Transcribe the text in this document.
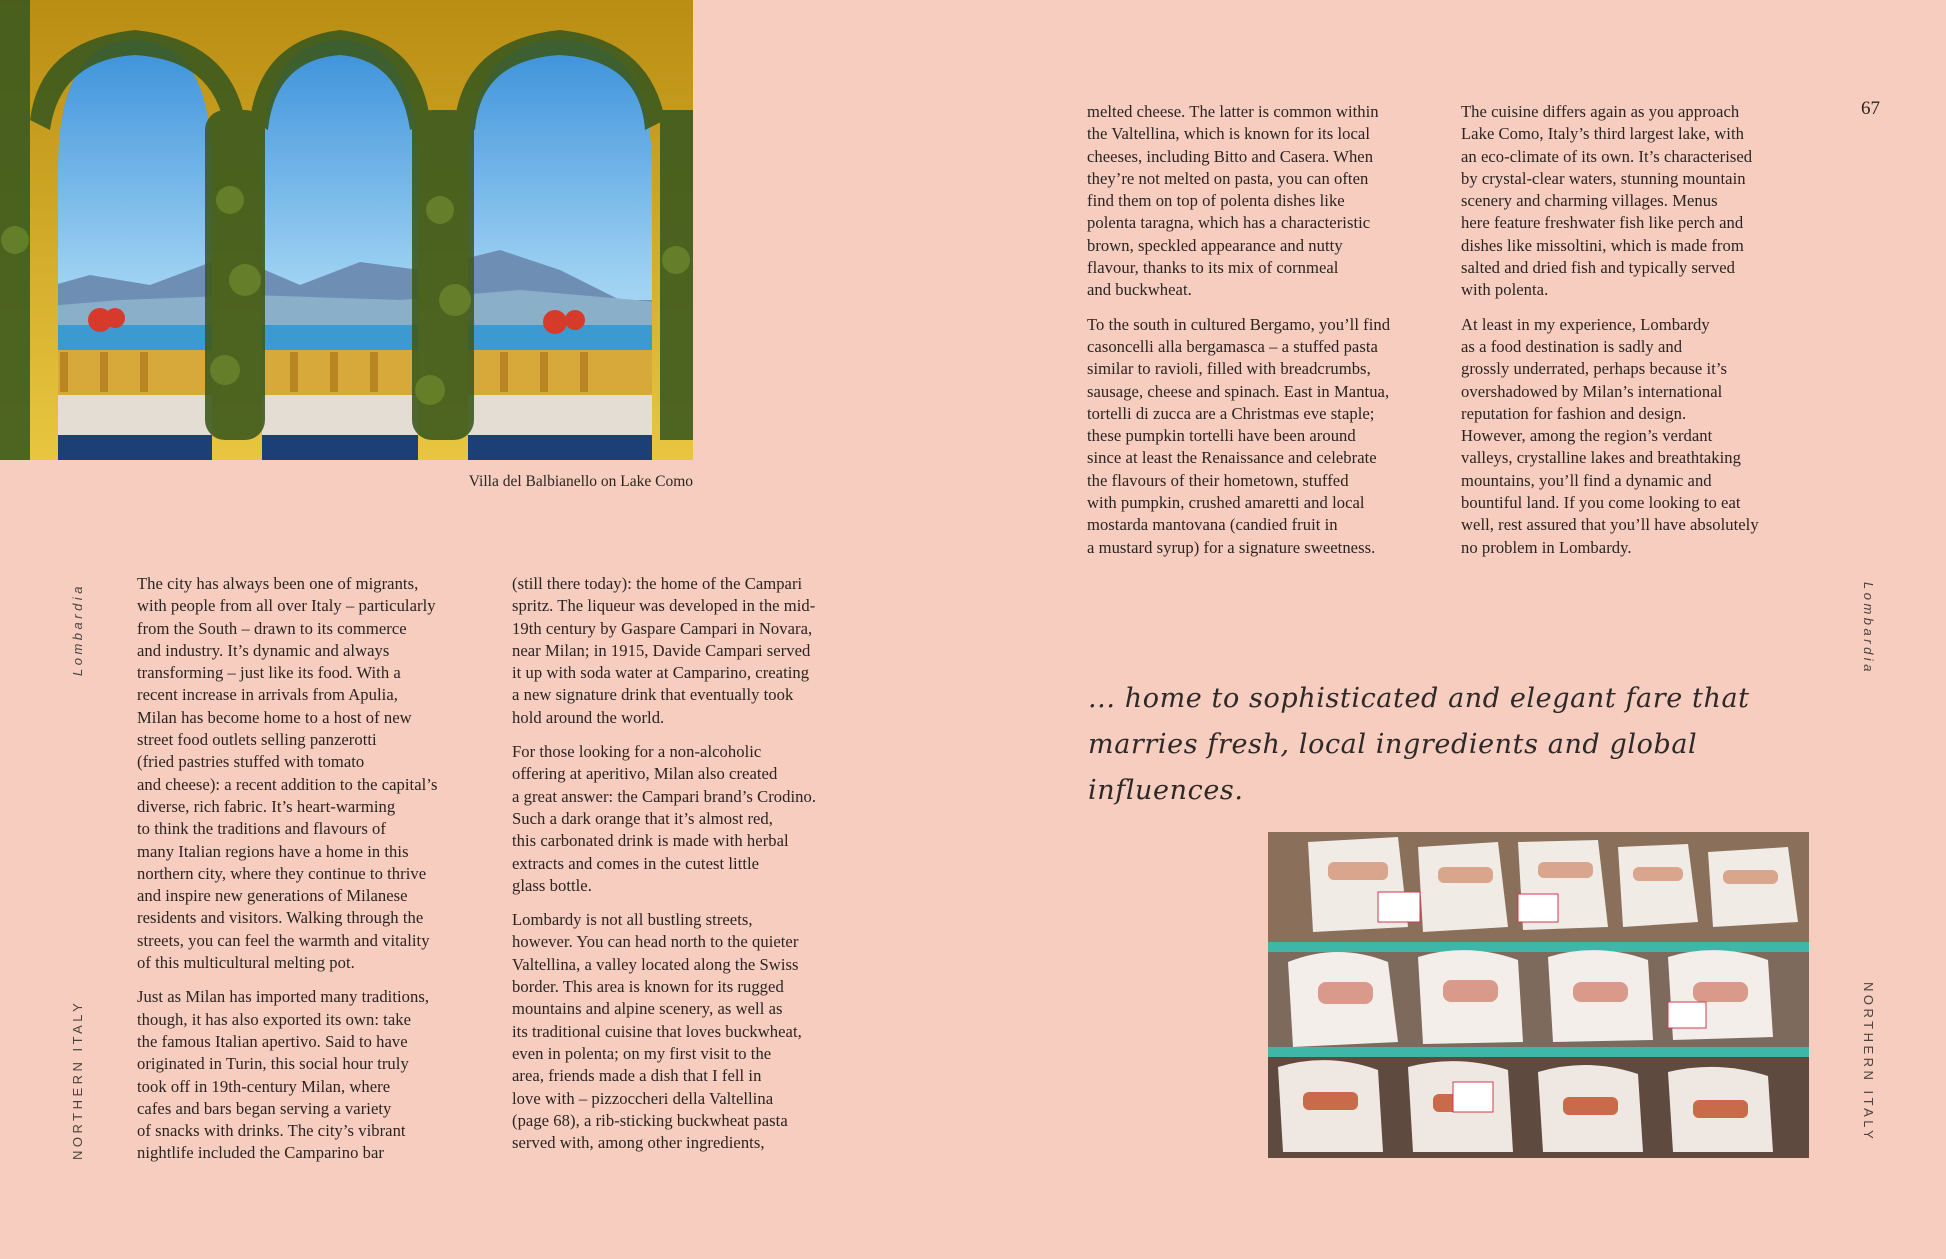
Villa del Balbianello on Lake Como
Lombardia
NORTHERN ITALY

The city has always been one of migrants,
with people from all over Italy – particularly
from the South – drawn to its commerce
and industry. It’s dynamic and always
transforming – just like its food. With a
recent increase in arrivals from Apulia,
Milan has become home to a host of new
street food outlets selling panzerotti
(fried pastries stuffed with tomato
and cheese): a recent addition to the capital’s
diverse, rich fabric. It’s heart-warming
to think the traditions and flavours of
many Italian regions have a home in this
northern city, where they continue to thrive
and inspire new generations of Milanese
residents and visitors. Walking through the
streets, you can feel the warmth and vitality
of this multicultural melting pot.

Just as Milan has imported many traditions,
though, it has also exported its own: take
the famous Italian apertivo. Said to have
originated in Turin, this social hour truly
took off in 19th-century Milan, where
cafes and bars began serving a variety
of snacks with drinks. The city’s vibrant
nightlife included the Camparino bar

(still there today): the home of the Campari
spritz. The liqueur was developed in the mid-
19th century by Gaspare Campari in Novara,
near Milan; in 1915, Davide Campari served
it up with soda water at Camparino, creating
a new signature drink that eventually took
hold around the world.

For those looking for a non-alcoholic
offering at aperitivo, Milan also created
a great answer: the Campari brand’s Crodino.
Such a dark orange that it’s almost red,
this carbonated drink is made with herbal
extracts and comes in the cutest little
glass bottle.

Lombardy is not all bustling streets,
however. You can head north to the quieter
Valtellina, a valley located along the Swiss
border. This area is known for its rugged
mountains and alpine scenery, as well as
its traditional cuisine that loves buckwheat,
even in polenta; on my first visit to the
area, friends made a dish that I fell in
love with – pizzoccheri della Valtellina
(page 68), a rib-sticking buckwheat pasta
served with, among other ingredients,

melted cheese. The latter is common within
the Valtellina, which is known for its local
cheeses, including Bitto and Casera. When
they’re not melted on pasta, you can often
find them on top of polenta dishes like
polenta taragna, which has a characteristic
brown, speckled appearance and nutty
flavour, thanks to its mix of cornmeal
and buckwheat.

To the south in cultured Bergamo, you’ll find
casoncelli alla bergamasca – a stuffed pasta
similar to ravioli, filled with breadcrumbs,
sausage, cheese and spinach. East in Mantua,
tortelli di zucca are a Christmas eve staple;
these pumpkin tortelli have been around
since at least the Renaissance and celebrate
the flavours of their hometown, stuffed
with pumpkin, crushed amaretti and local
mostarda mantovana (candied fruit in
a mustard syrup) for a signature sweetness.

The cuisine differs again as you approach
Lake Como, Italy’s third largest lake, with
an eco-climate of its own. It’s characterised
by crystal-clear waters, stunning mountain
scenery and charming villages. Menus
here feature freshwater fish like perch and
dishes like missoltini, which is made from
salted and dried fish and typically served
with polenta.

At least in my experience, Lombardy
as a food destination is sadly and
grossly underrated, perhaps because it’s
overshadowed by Milan’s international
reputation for fashion and design.
However, among the region’s verdant
valleys, crystalline lakes and breathtaking
mountains, you’ll find a dynamic and
bountiful land. If you come looking to eat
well, rest assured that you’ll have absolutely
no problem in Lombardy.

67
Lombardia
NORTHERN ITALY
... home to sophisticated and elegant fare that
marries fresh, local ingredients and global influences.
